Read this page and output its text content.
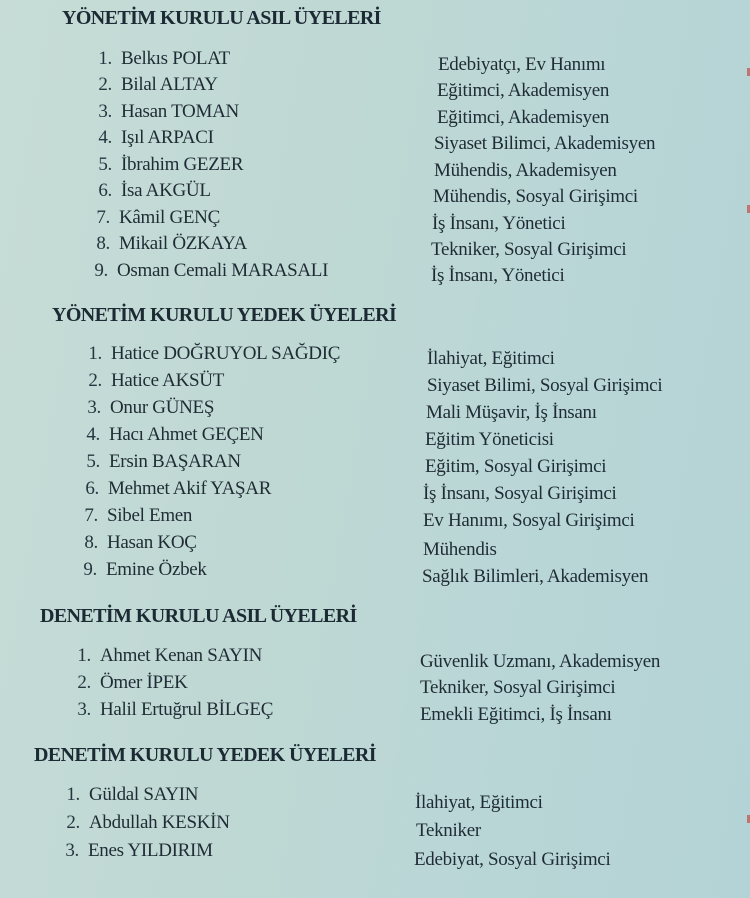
YÖNETİM KURULU ASIL ÜYELERİ
1. Belkıs POLAT	Edebiyatçı, Ev Hanımı
2. Bilal ALTAY	Eğitimci, Akademisyen
3. Hasan TOMAN	Eğitimci, Akademisyen
4. Işıl ARPACI	Siyaset Bilimci, Akademisyen
5. İbrahim GEZER	Mühendis, Akademisyen
6. İsa AKGÜL	Mühendis, Sosyal Girişimci
7. Kâmil GENÇ	İş İnsanı, Yönetici
8. Mikail ÖZKAYA	Tekniker, Sosyal Girişimci
9. Osman Cemali MARASALI	İş İnsanı, Yönetici
YÖNETİM KURULU YEDEK ÜYELERİ
1. Hatice DOĞRUYOL SAĞDIÇ	İlahiyat, Eğitimci
2. Hatice AKSÜT	Siyaset Bilimi, Sosyal Girişimci
3. Onur GÜNEŞ	Mali Müşavir, İş İnsanı
4. Hacı Ahmet GEÇEN	Eğitim Yöneticisi
5. Ersin BAŞARAN	Eğitim, Sosyal Girişimci
6. Mehmet Akif YAŞAR	İş İnsanı, Sosyal Girişimci
7. Sibel Emen	Ev Hanımı, Sosyal Girişimci
8. Hasan KOÇ	Mühendis
9. Emine Özbek	Sağlık Bilimleri, Akademisyen
DENETİM KURULU ASIL ÜYELERİ
1. Ahmet Kenan SAYIN	Güvenlik Uzmanı, Akademisyen
2. Ömer İPEK	Tekniker, Sosyal Girişimci
3. Halil Ertuğrul BİLGEÇ	Emekli Eğitimci, İş İnsanı
DENETİM KURULU YEDEK ÜYELERİ
1. Güldal SAYIN	İlahiyat, Eğitimci
2. Abdullah KESKİN	Tekniker
3. Enes YILDIRIM	Edebiyat, Sosyal Girişimci
